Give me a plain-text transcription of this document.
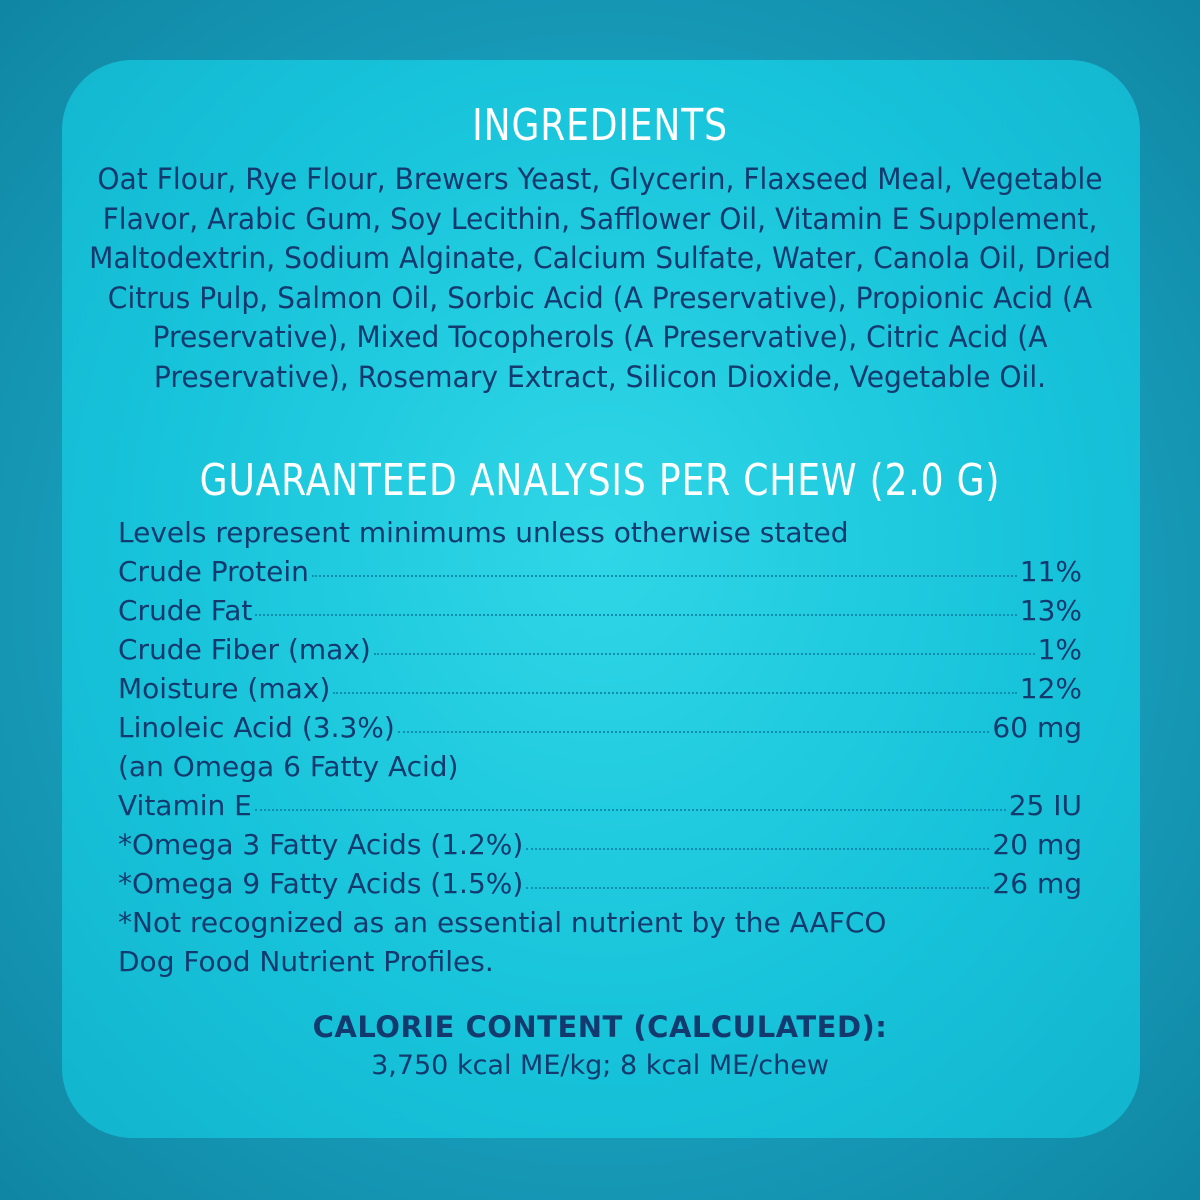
INGREDIENTS
Oat Flour, Rye Flour, Brewers Yeast, Glycerin, Flaxseed Meal, Vegetable Flavor, Arabic Gum, Soy Lecithin, Safflower Oil, Vitamin E Supplement, Maltodextrin, Sodium Alginate, Calcium Sulfate, Water, Canola Oil, Dried Citrus Pulp, Salmon Oil, Sorbic Acid (A Preservative), Propionic Acid (A Preservative), Mixed Tocopherols (A Preservative), Citric Acid (A Preservative), Rosemary Extract, Silicon Dioxide, Vegetable Oil.
GUARANTEED ANALYSIS PER CHEW (2.0 G)
Levels represent minimums unless otherwise stated
Crude Protein	11%
Crude Fat	13%
Crude Fiber (max)	1%
Moisture (max)	12%
Linoleic Acid (3.3%)	60 mg
(an Omega 6 Fatty Acid)
Vitamin E	25 IU
*Omega 3 Fatty Acids (1.2%)	20 mg
*Omega 9 Fatty Acids (1.5%)	26 mg
*Not recognized as an essential nutrient by the AAFCO
Dog Food Nutrient Profiles.
CALORIE CONTENT (CALCULATED):
3,750 kcal ME/kg; 8 kcal ME/chew
